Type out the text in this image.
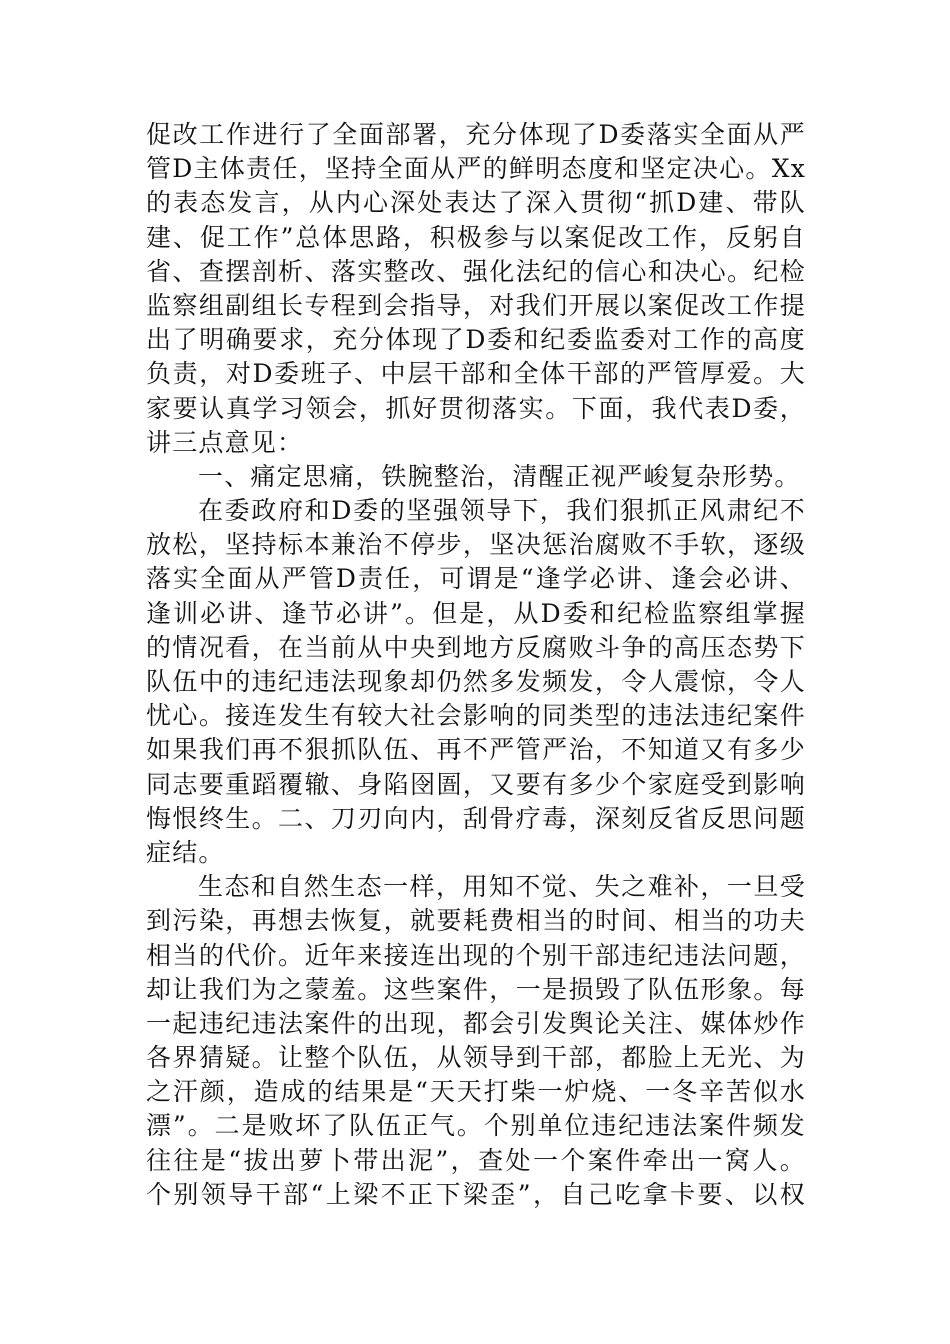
促改工作进行了全面部署，充分体现了D委落实全面从严
管D主体责任，坚持全面从严的鲜明态度和坚定决心。Xx
的表态发言，从内心深处表达了深入贯彻“抓D建、带队
建、促工作”总体思路，积极参与以案促改工作，反躬自
省、查摆剖析、落实整改、强化法纪的信心和决心。纪检
监察组副组长专程到会指导，对我们开展以案促改工作提
出了明确要求，充分体现了D委和纪委监委对工作的高度
负责，对D委班子、中层干部和全体干部的严管厚爱。大
家要认真学习领会，抓好贯彻落实。下面，我代表D委，
讲三点意见：
一、痛定思痛，铁腕整治，清醒正视严峻复杂形势。
在委政府和D委的坚强领导下，我们狠抓正风肃纪不
放松，坚持标本兼治不停步，坚决惩治腐败不手软，逐级
落实全面从严管D责任，可谓是“逢学必讲、逢会必讲、
逢训必讲、逢节必讲”。但是，从D委和纪检监察组掌握
的情况看，在当前从中央到地方反腐败斗争的高压态势下
队伍中的违纪违法现象却仍然多发频发，令人震惊，令人
忧心。接连发生有较大社会影响的同类型的违法违纪案件
如果我们再不狠抓队伍、再不严管严治，不知道又有多少
同志要重蹈覆辙、身陷囹圄，又要有多少个家庭受到影响
悔恨终生。二、刀刃向内，刮骨疗毒，深刻反省反思问题
症结。
生态和自然生态一样，用知不觉、失之难补，一旦受
到污染，再想去恢复，就要耗费相当的时间、相当的功夫
相当的代价。近年来接连出现的个别干部违纪违法问题，
却让我们为之蒙羞。这些案件，一是损毁了队伍形象。每
一起违纪违法案件的出现，都会引发舆论关注、媒体炒作
各界猜疑。让整个队伍，从领导到干部，都脸上无光、为
之汗颜，造成的结果是“天天打柴一炉烧、一冬辛苦似水
漂”。二是败坏了队伍正气。个别单位违纪违法案件频发
往往是“拔出萝卜带出泥”，查处一个案件牵出一窝人。
个别领导干部“上梁不正下梁歪”，自己吃拿卡要、以权
